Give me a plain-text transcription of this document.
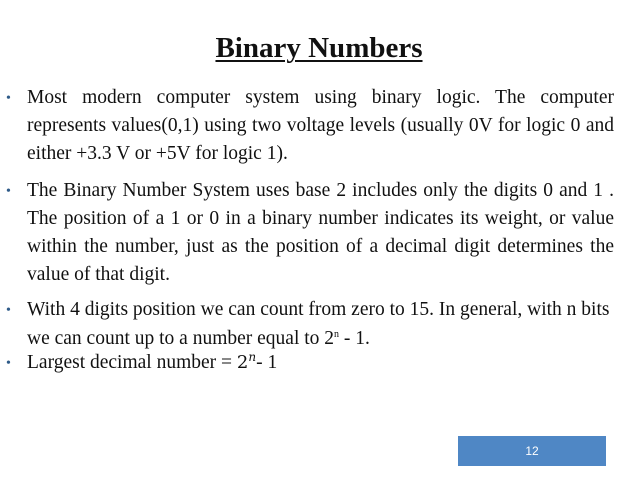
Binary Numbers
• Most modern computer system using binary logic. The computer represents values(0,1) using two voltage levels (usually 0V for logic 0 and either +3.3 V or +5V for logic 1).
• The Binary Number System uses base 2 includes only the digits 0 and 1 . The position of a 1 or 0 in a binary number indicates its weight, or value within the number, just as the position of a decimal digit determines the value of that digit.
• With 4 digits position we can count from zero to 15. In general, with n bits we can count up to a number equal to 2$^n$ - 1.
• Largest decimal number = $2^n-$ 1
12
